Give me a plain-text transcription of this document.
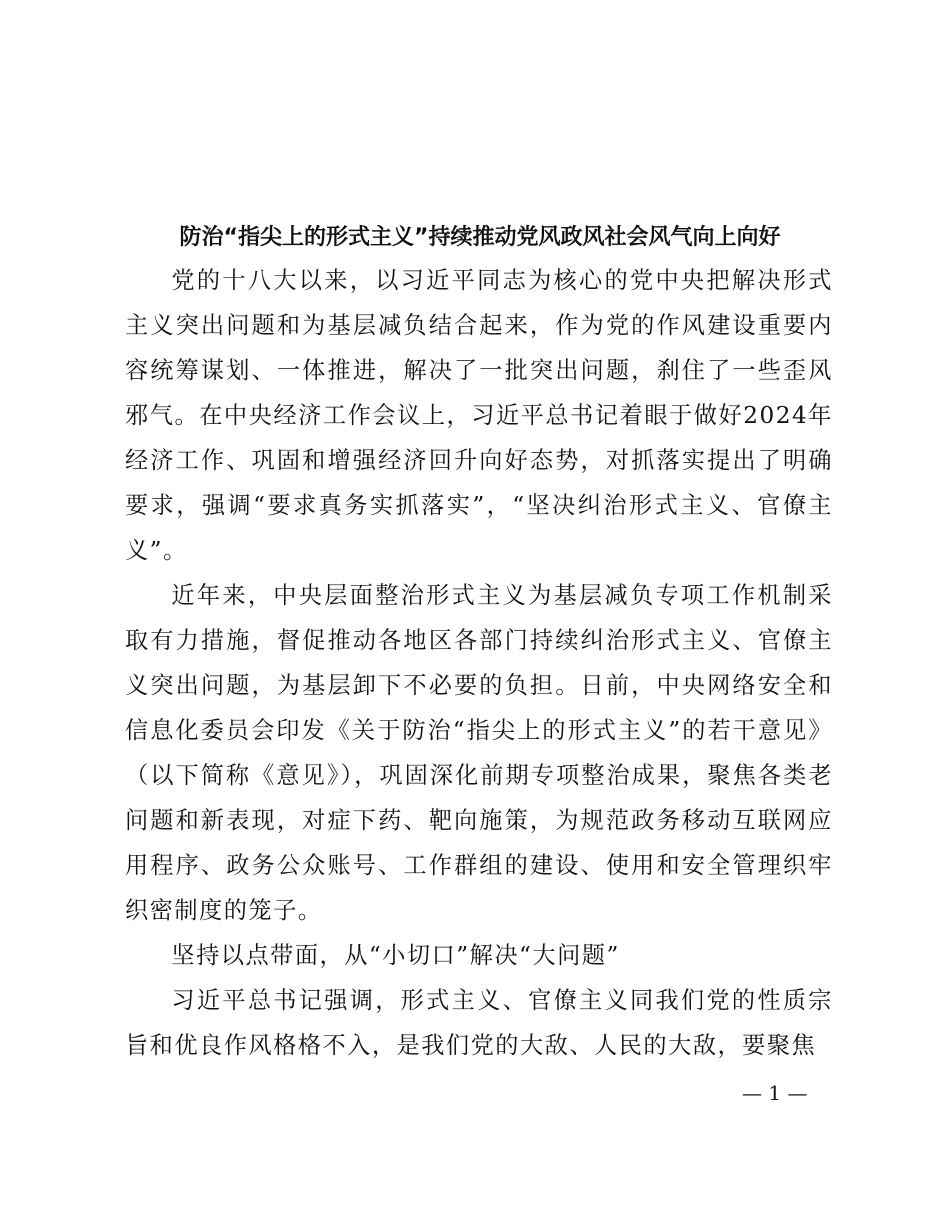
防治“指尖上的形式主义”持续推动党风政风社会风气向上向好

党的十八大以来，以习近平同志为核心的党中央把解决形式主义突出问题和为基层减负结合起来，作为党的作风建设重要内容统筹谋划、一体推进，解决了一批突出问题，刹住了一些歪风邪气。在中央经济工作会议上，习近平总书记着眼于做好2024年经济工作、巩固和增强经济回升向好态势，对抓落实提出了明确要求，强调“要求真务实抓落实”，“坚决纠治形式主义、官僚主义”。

近年来，中央层面整治形式主义为基层减负专项工作机制采取有力措施，督促推动各地区各部门持续纠治形式主义、官僚主义突出问题，为基层卸下不必要的负担。日前，中央网络安全和信息化委员会印发《关于防治“指尖上的形式主义”的若干意见》（以下简称《意见》），巩固深化前期专项整治成果，聚焦各类老问题和新表现，对症下药、靶向施策，为规范政务移动互联网应用程序、政务公众账号、工作群组的建设、使用和安全管理织牢织密制度的笼子。

坚持以点带面，从“小切口”解决“大问题”

习近平总书记强调，形式主义、官僚主义同我们党的性质宗旨和优良作风格格不入，是我们党的大敌、人民的大敌，要聚焦

— 1 —
